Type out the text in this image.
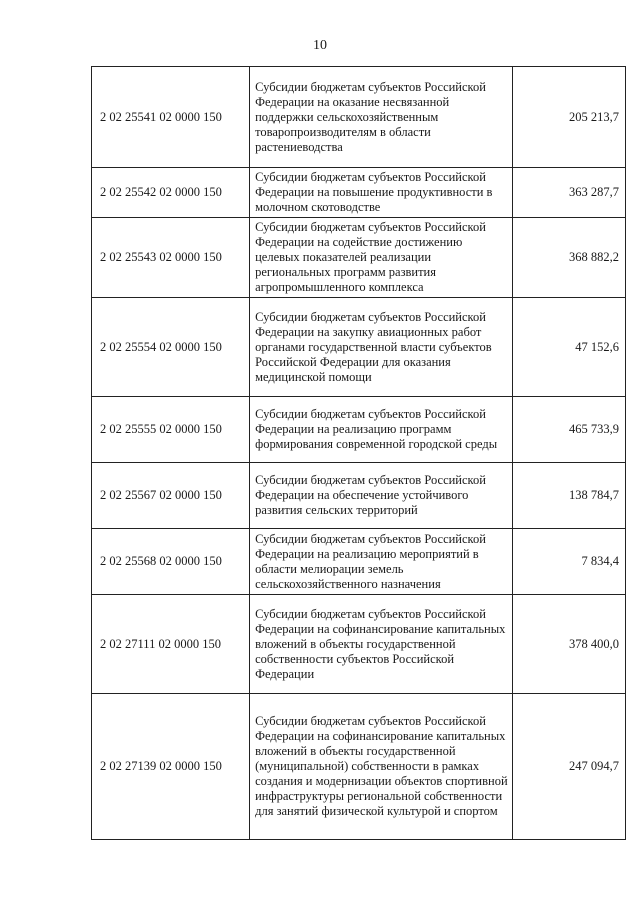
10
2 02 25541 02 0000 150	Субсидии бюджетам субъектов Российской Федерации на оказание несвязанной поддержки сельскохозяйственным товаропроизводителям в области растениеводства	205 213,7
2 02 25542 02 0000 150	Субсидии бюджетам субъектов Российской Федерации на повышение продуктивности в молочном скотоводстве	363 287,7
2 02 25543 02 0000 150	Субсидии бюджетам субъектов Российской Федерации на содействие достижению целевых показателей реализации региональных программ развития агропромышленного комплекса	368 882,2
2 02 25554 02 0000 150	Субсидии бюджетам субъектов Российской Федерации на закупку авиационных работ органами государственной власти субъектов Российской Федерации для оказания медицинской помощи	47 152,6
2 02 25555 02 0000 150	Субсидии бюджетам субъектов Российской Федерации на реализацию программ формирования современной городской среды	465 733,9
2 02 25567 02 0000 150	Субсидии бюджетам субъектов Российской Федерации на обеспечение устойчивого развития сельских территорий	138 784,7
2 02 25568 02 0000 150	Субсидии бюджетам субъектов Российской Федерации на реализацию мероприятий в области мелиорации земель сельскохозяйственного назначения	7 834,4
2 02 27111 02 0000 150	Субсидии бюджетам субъектов Российской Федерации на софинансирование капитальных вложений в объекты государственной собственности субъектов Российской Федерации	378 400,0
2 02 27139 02 0000 150	Субсидии бюджетам субъектов Российской Федерации на софинансирование капитальных вложений в объекты государственной (муниципальной) собственности в рамках создания и модернизации объектов спортивной инфраструктуры региональной собственности для занятий физической культурой и спортом	247 094,7
